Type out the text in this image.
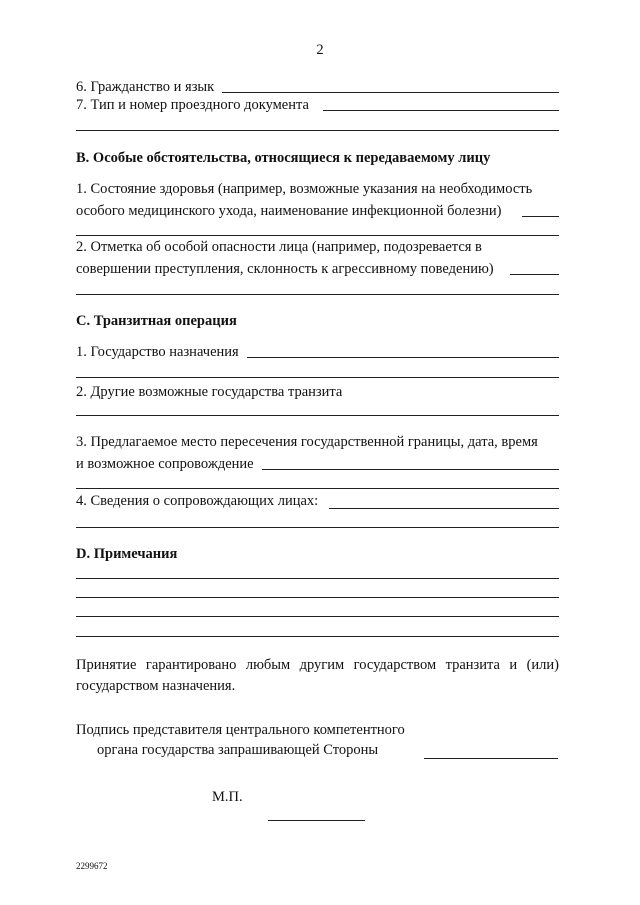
2
6. Гражданство и язык
7. Тип и номер проездного документа
B. Особые обстоятельства, относящиеся к передаваемому лицу
1. Состояние здоровья (например, возможные указания на необходимость
особого медицинского ухода, наименование инфекционной болезни)
2. Отметка об особой опасности лица (например, подозревается в
совершении преступления, склонность к агрессивному поведению)
C. Транзитная операция
1. Государство назначения
2. Другие возможные государства транзита
3. Предлагаемое место пересечения государственной границы, дата, время
и возможное сопровождение
4. Сведения о сопровождающих лицах:
D. Примечания
Принятие гарантировано любым другим государством транзита и (или)
государством назначения.
Подпись представителя центрального компетентного
органа государства запрашивающей Стороны
М.П.
2299672
